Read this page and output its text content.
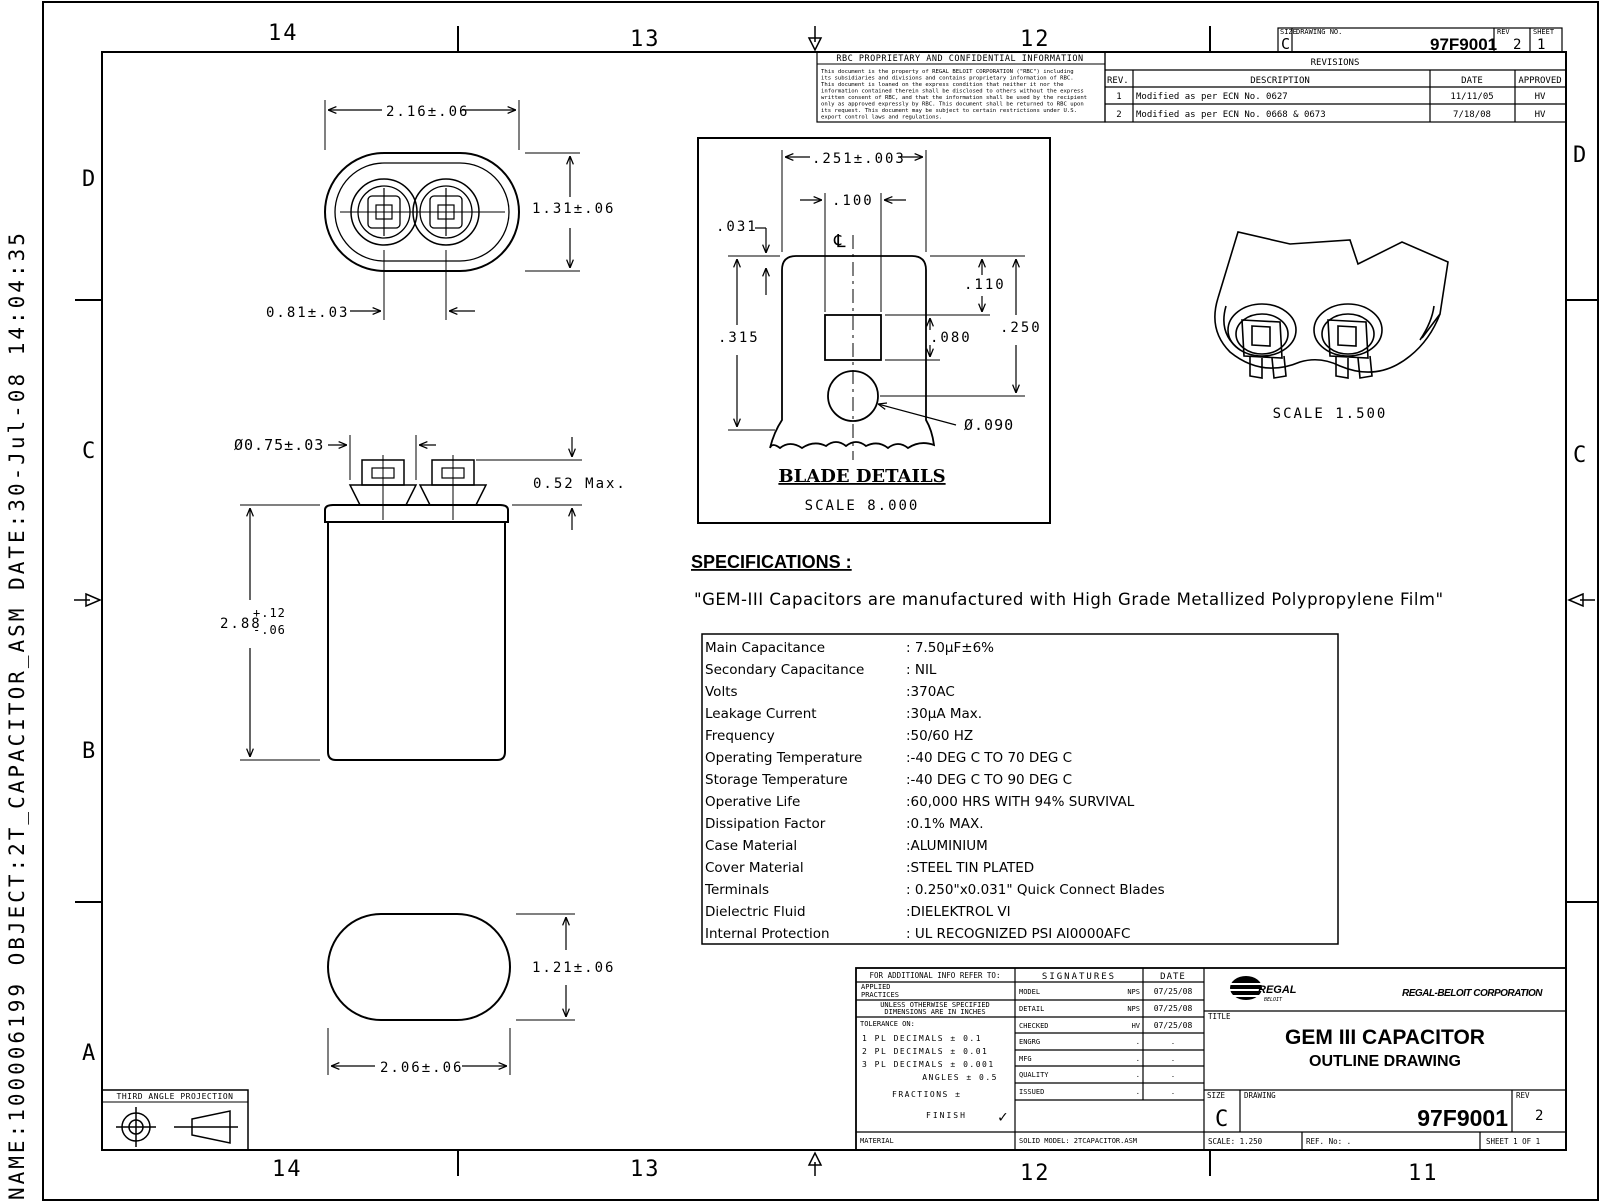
14	13	12
14	13	12	11
D
C
B
A
D
C
NAME:100006199 OBJECT:2T_CAPACITOR_ASM DATE:30-Jul-08 14:04:35
SIZE
C
DRAWING NO.
97F9001
REV
2
SHEET
1
RBC PROPRIETARY AND CONFIDENTIAL INFORMATION
This document is the property of REGAL BELOIT CORPORATION ("RBC") including
its subsidiaries and divisions and contains proprietary information of RBC.
This document is loaned on the express condition that neither it nor the
information contained therein shall be disclosed to others without the express
written consent of RBC, and that the information shall be used by the recipient
only as approved expressly by RBC. This document shall be returned to RBC upon
its request. This document may be subject to certain restrictions under U.S.
export control laws and regulations.
REVISIONS
REV.	DESCRIPTION	DATE	APPROVED
1 Modified as per ECN No. 0627	11/11/05	HV
2 Modified as per ECN No. 0668 & 0673	7/18/08	HV
2.16±.06
1.31±.06
0.81±.03
Ø0.75±.03
0.52 Max.
2.88
+.12
-.06
1.21±.06
2.06±.06
THIRD ANGLE PROJECTION
.251±.003
.100
.031
℄
.110
.315	.080
.250
Ø.090
BLADE DETAILS
SCALE 8.000
SCALE 1.500
SPECIFICATIONS :
"GEM-III Capacitors are manufactured with High Grade Metallized Polypropylene Film"
Main Capacitance	: 7.50μF±6%
Secondary Capacitance	: NIL
Volts	:370AC
Leakage Current	:30μA Max.
Frequency	:50/60 HZ
Operating Temperature	:-40 DEG C TO 70 DEG C
Storage Temperature	:-40 DEG C TO 90 DEG C
Operative Life	:60,000 HRS WITH 94% SURVIVAL
Dissipation Factor	:0.1% MAX.
Case Material	:ALUMINIUM
Cover Material	:STEEL TIN PLATED
Terminals	: 0.250"x0.031" Quick Connect Blades
Dielectric Fluid	:DIELEKTROL VI
Internal Protection	: UL RECOGNIZED PSI AI0000AFC
FOR ADDITIONAL INFO REFER TO:
APPLIED
PRACTICES
UNLESS OTHERWISE SPECIFIED
DIMENSIONS ARE IN INCHES
TOLERANCE ON:
1 PL DECIMALS ± 0.1
2 PL DECIMALS ± 0.01
3 PL DECIMALS ± 0.001
ANGLES ± 0.5
FRACTIONS ±
FINISH ✓
MATERIAL
SIGNATURES	DATE
MODEL	NPS 07/25/08
DETAIL	NPS 07/25/08
CHECKED	HV 07/25/08
ENGRG	.	.
MFG	.	.
QUALITY	.	.
ISSUED	.	.
SOLID MODEL: 2TCAPACITOR.ASM
REGAL
BELOIT
REGAL-BELOIT CORPORATION
TITLE
GEM III CAPACITOR
OUTLINE DRAWING
SIZE
C
DRAWING
97F9001
REV
2
SCALE: 1.250	REF. No: .	SHEET 1 OF 1
